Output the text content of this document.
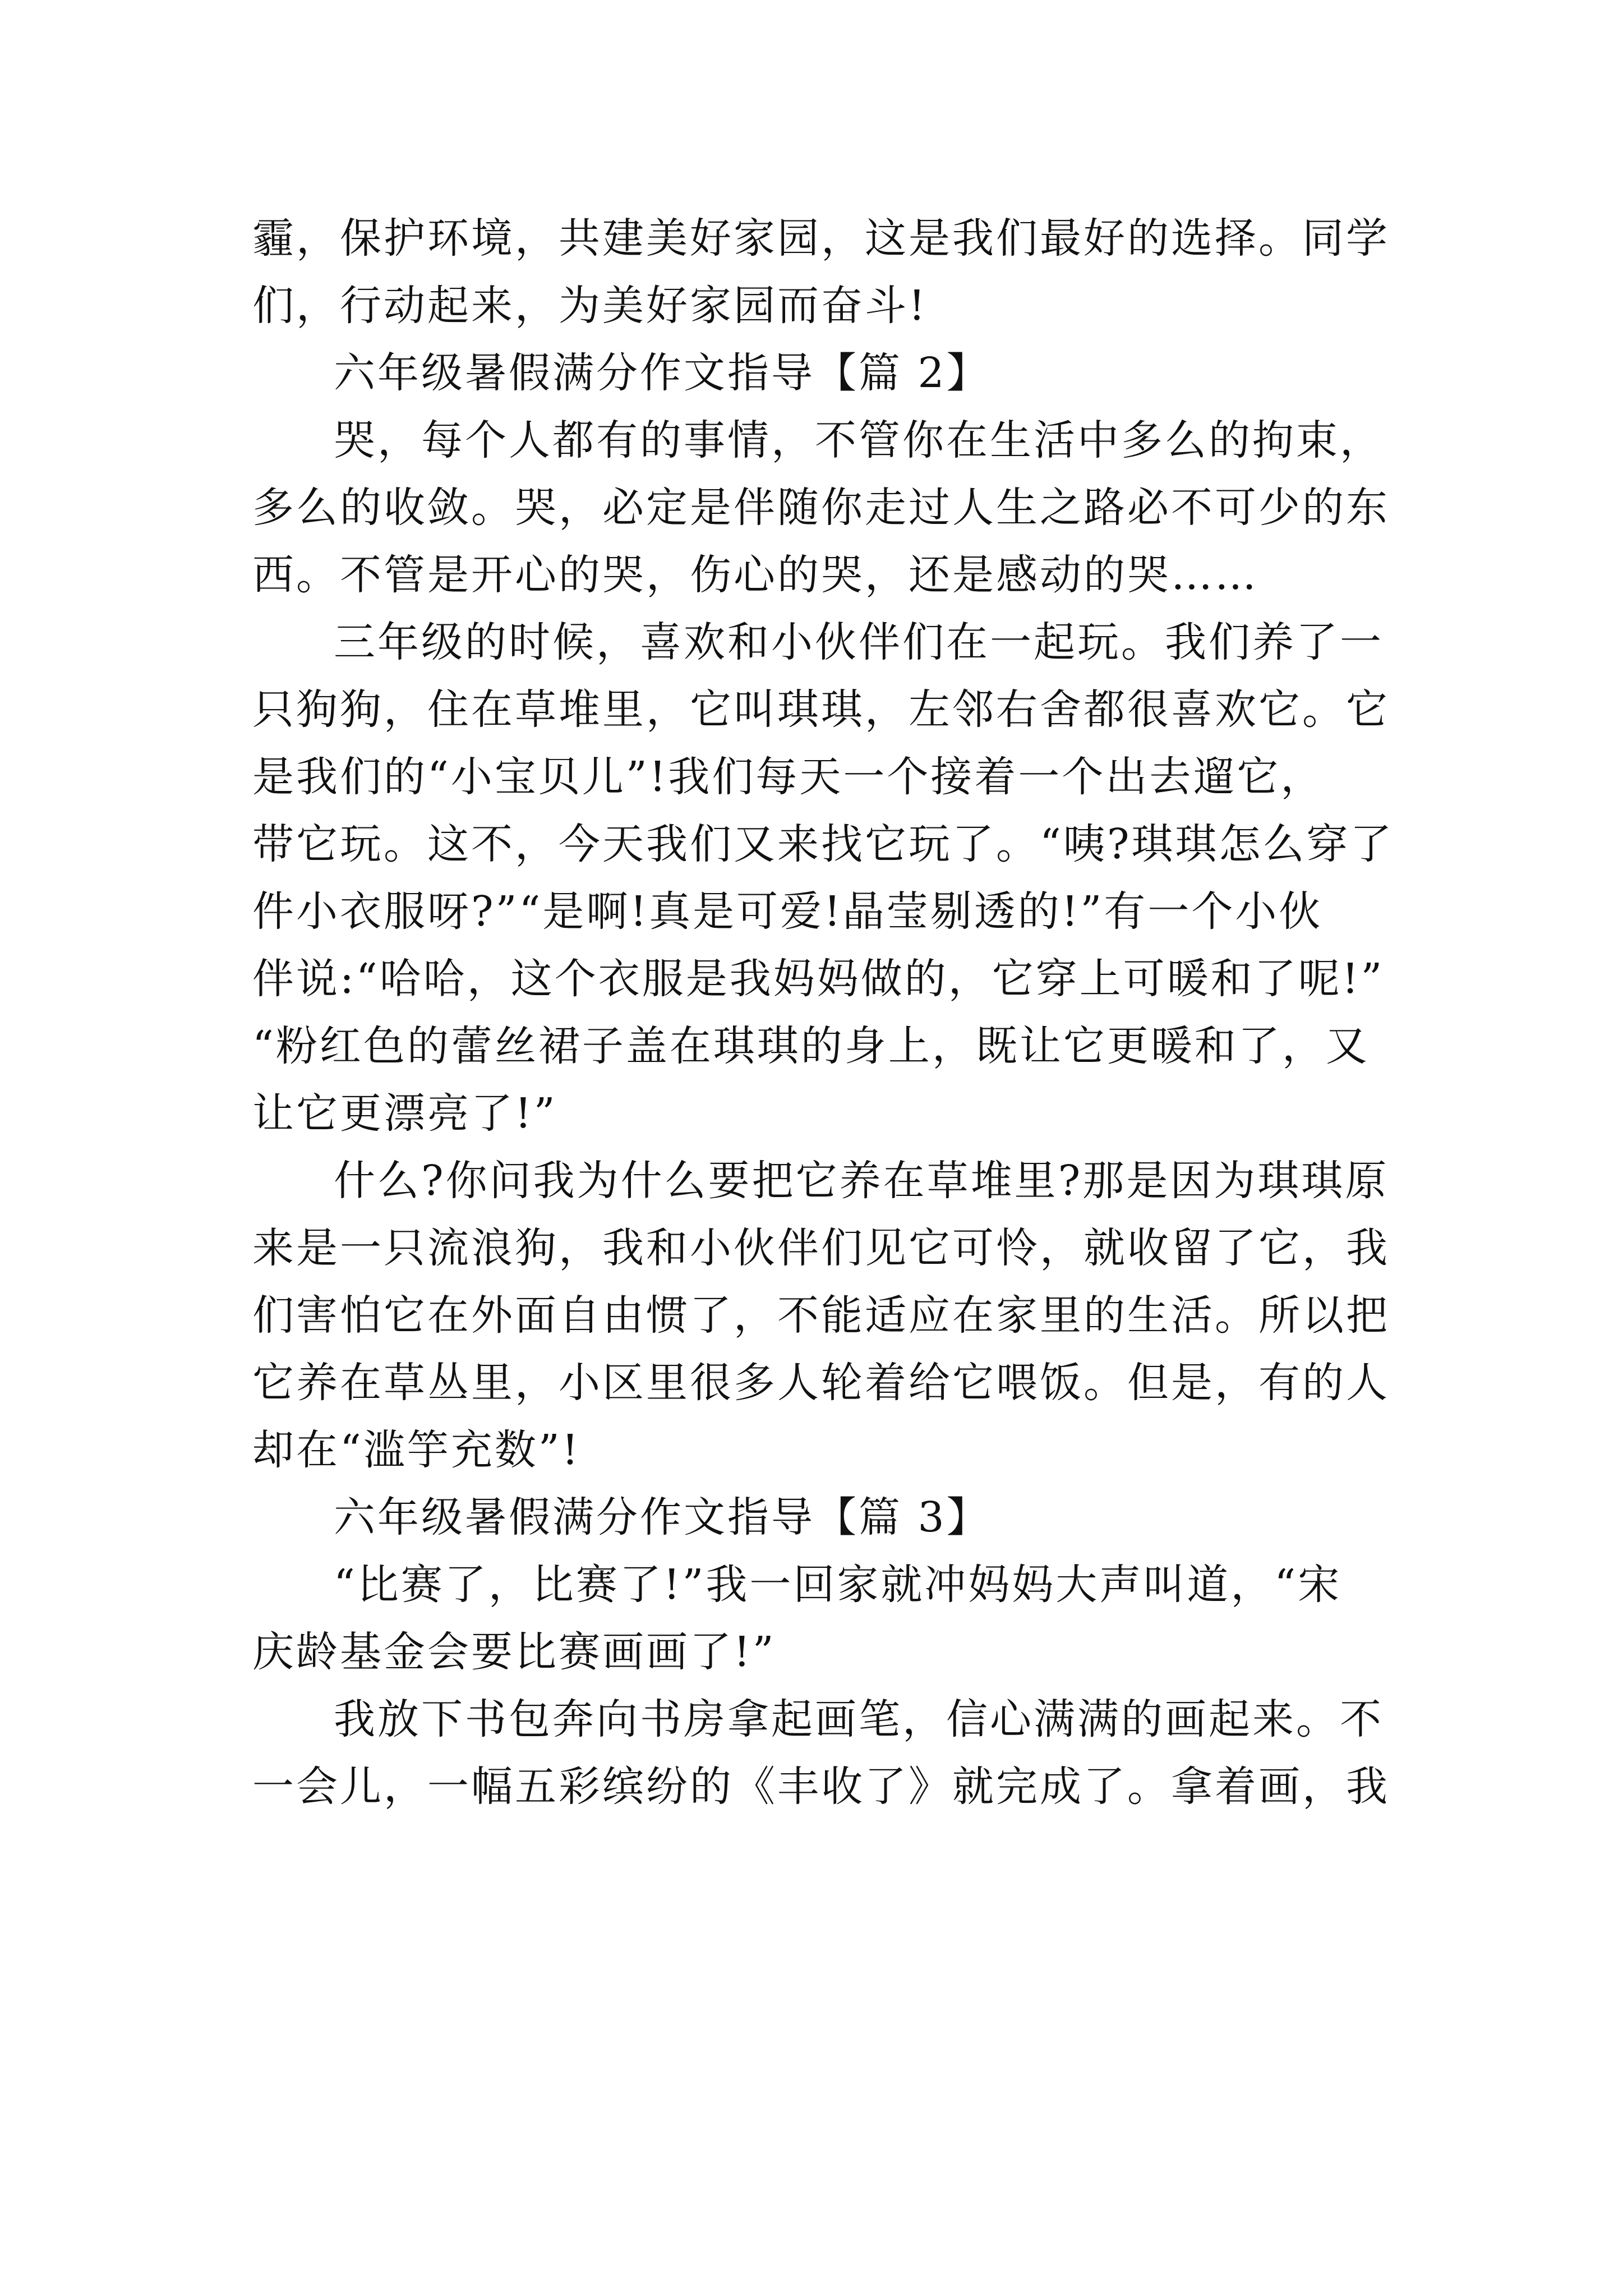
霾，保护环境，共建美好家园，这是我们最好的选择。同学
们，行动起来，为美好家园而奋斗!
六年级暑假满分作文指导【篇 2】
哭，每个人都有的事情，不管你在生活中多么的拘束，
多么的收敛。哭，必定是伴随你走过人生之路必不可少的东
西。不管是开心的哭，伤心的哭，还是感动的哭……
三年级的时候，喜欢和小伙伴们在一起玩。我们养了一
只狗狗，住在草堆里，它叫琪琪，左邻右舍都很喜欢它。它
是我们的“小宝贝儿”!我们每天一个接着一个出去遛它，
带它玩。这不，今天我们又来找它玩了。“咦?琪琪怎么穿了
件小衣服呀?”“是啊!真是可爱!晶莹剔透的!”有一个小伙
伴说:“哈哈，这个衣服是我妈妈做的，它穿上可暖和了呢!”
“粉红色的蕾丝裙子盖在琪琪的身上，既让它更暖和了，又
让它更漂亮了!”
什么?你问我为什么要把它养在草堆里?那是因为琪琪原
来是一只流浪狗，我和小伙伴们见它可怜，就收留了它，我
们害怕它在外面自由惯了，不能适应在家里的生活。所以把
它养在草丛里，小区里很多人轮着给它喂饭。但是，有的人
却在“滥竽充数”!
六年级暑假满分作文指导【篇 3】
“比赛了，比赛了!”我一回家就冲妈妈大声叫道，“宋
庆龄基金会要比赛画画了!”
我放下书包奔向书房拿起画笔，信心满满的画起来。不
一会儿，一幅五彩缤纷的《丰收了》就完成了。拿着画，我
